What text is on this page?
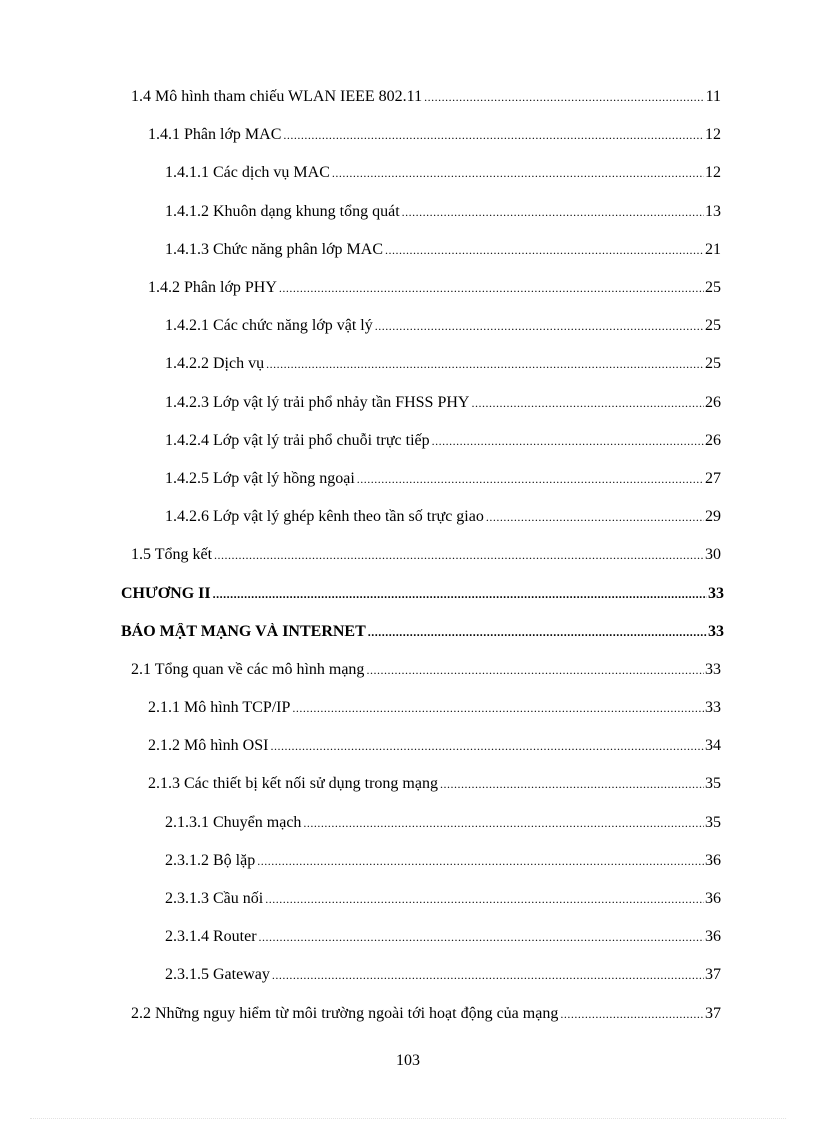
1.4 Mô hình tham chiếu WLAN IEEE 802.11 .....	11
1.4.1 Phân lớp MAC .....	12
1.4.1.1 Các dịch vụ MAC .....	12
1.4.1.2 Khuôn dạng khung tổng quát .....	13
1.4.1.3 Chức năng phân lớp MAC .....	21
1.4.2 Phân lớp PHY .....	25
1.4.2.1 Các chức năng lớp vật lý .....	25
1.4.2.2 Dịch vụ .....	25
1.4.2.3 Lớp vật lý trải phổ nhảy tần FHSS PHY .....	26
1.4.2.4 Lớp vật lý trải phổ chuỗi trực tiếp .....	26
1.4.2.5 Lớp vật lý hồng ngoại .....	27
1.4.2.6 Lớp vật lý ghép kênh theo tần số trực giao .....	29
1.5 Tổng kết .....	30
CHƯƠNG II .....	33
BẢO MẬT MẠNG VÀ INTERNET .....	33
2.1 Tổng quan về các mô hình mạng .....	33
2.1.1 Mô hình TCP/IP .....	33
2.1.2 Mô hình OSI .....	34
2.1.3 Các thiết bị kết nối sử dụng trong mạng .....	35
2.1.3.1 Chuyển mạch .....	35
2.3.1.2 Bộ lặp .....	36
2.3.1.3 Cầu nối .....	36
2.3.1.4 Router .....	36
2.3.1.5 Gateway .....	37
2.2 Những nguy hiểm từ môi trường ngoài tới hoạt động của mạng .....	37
103
